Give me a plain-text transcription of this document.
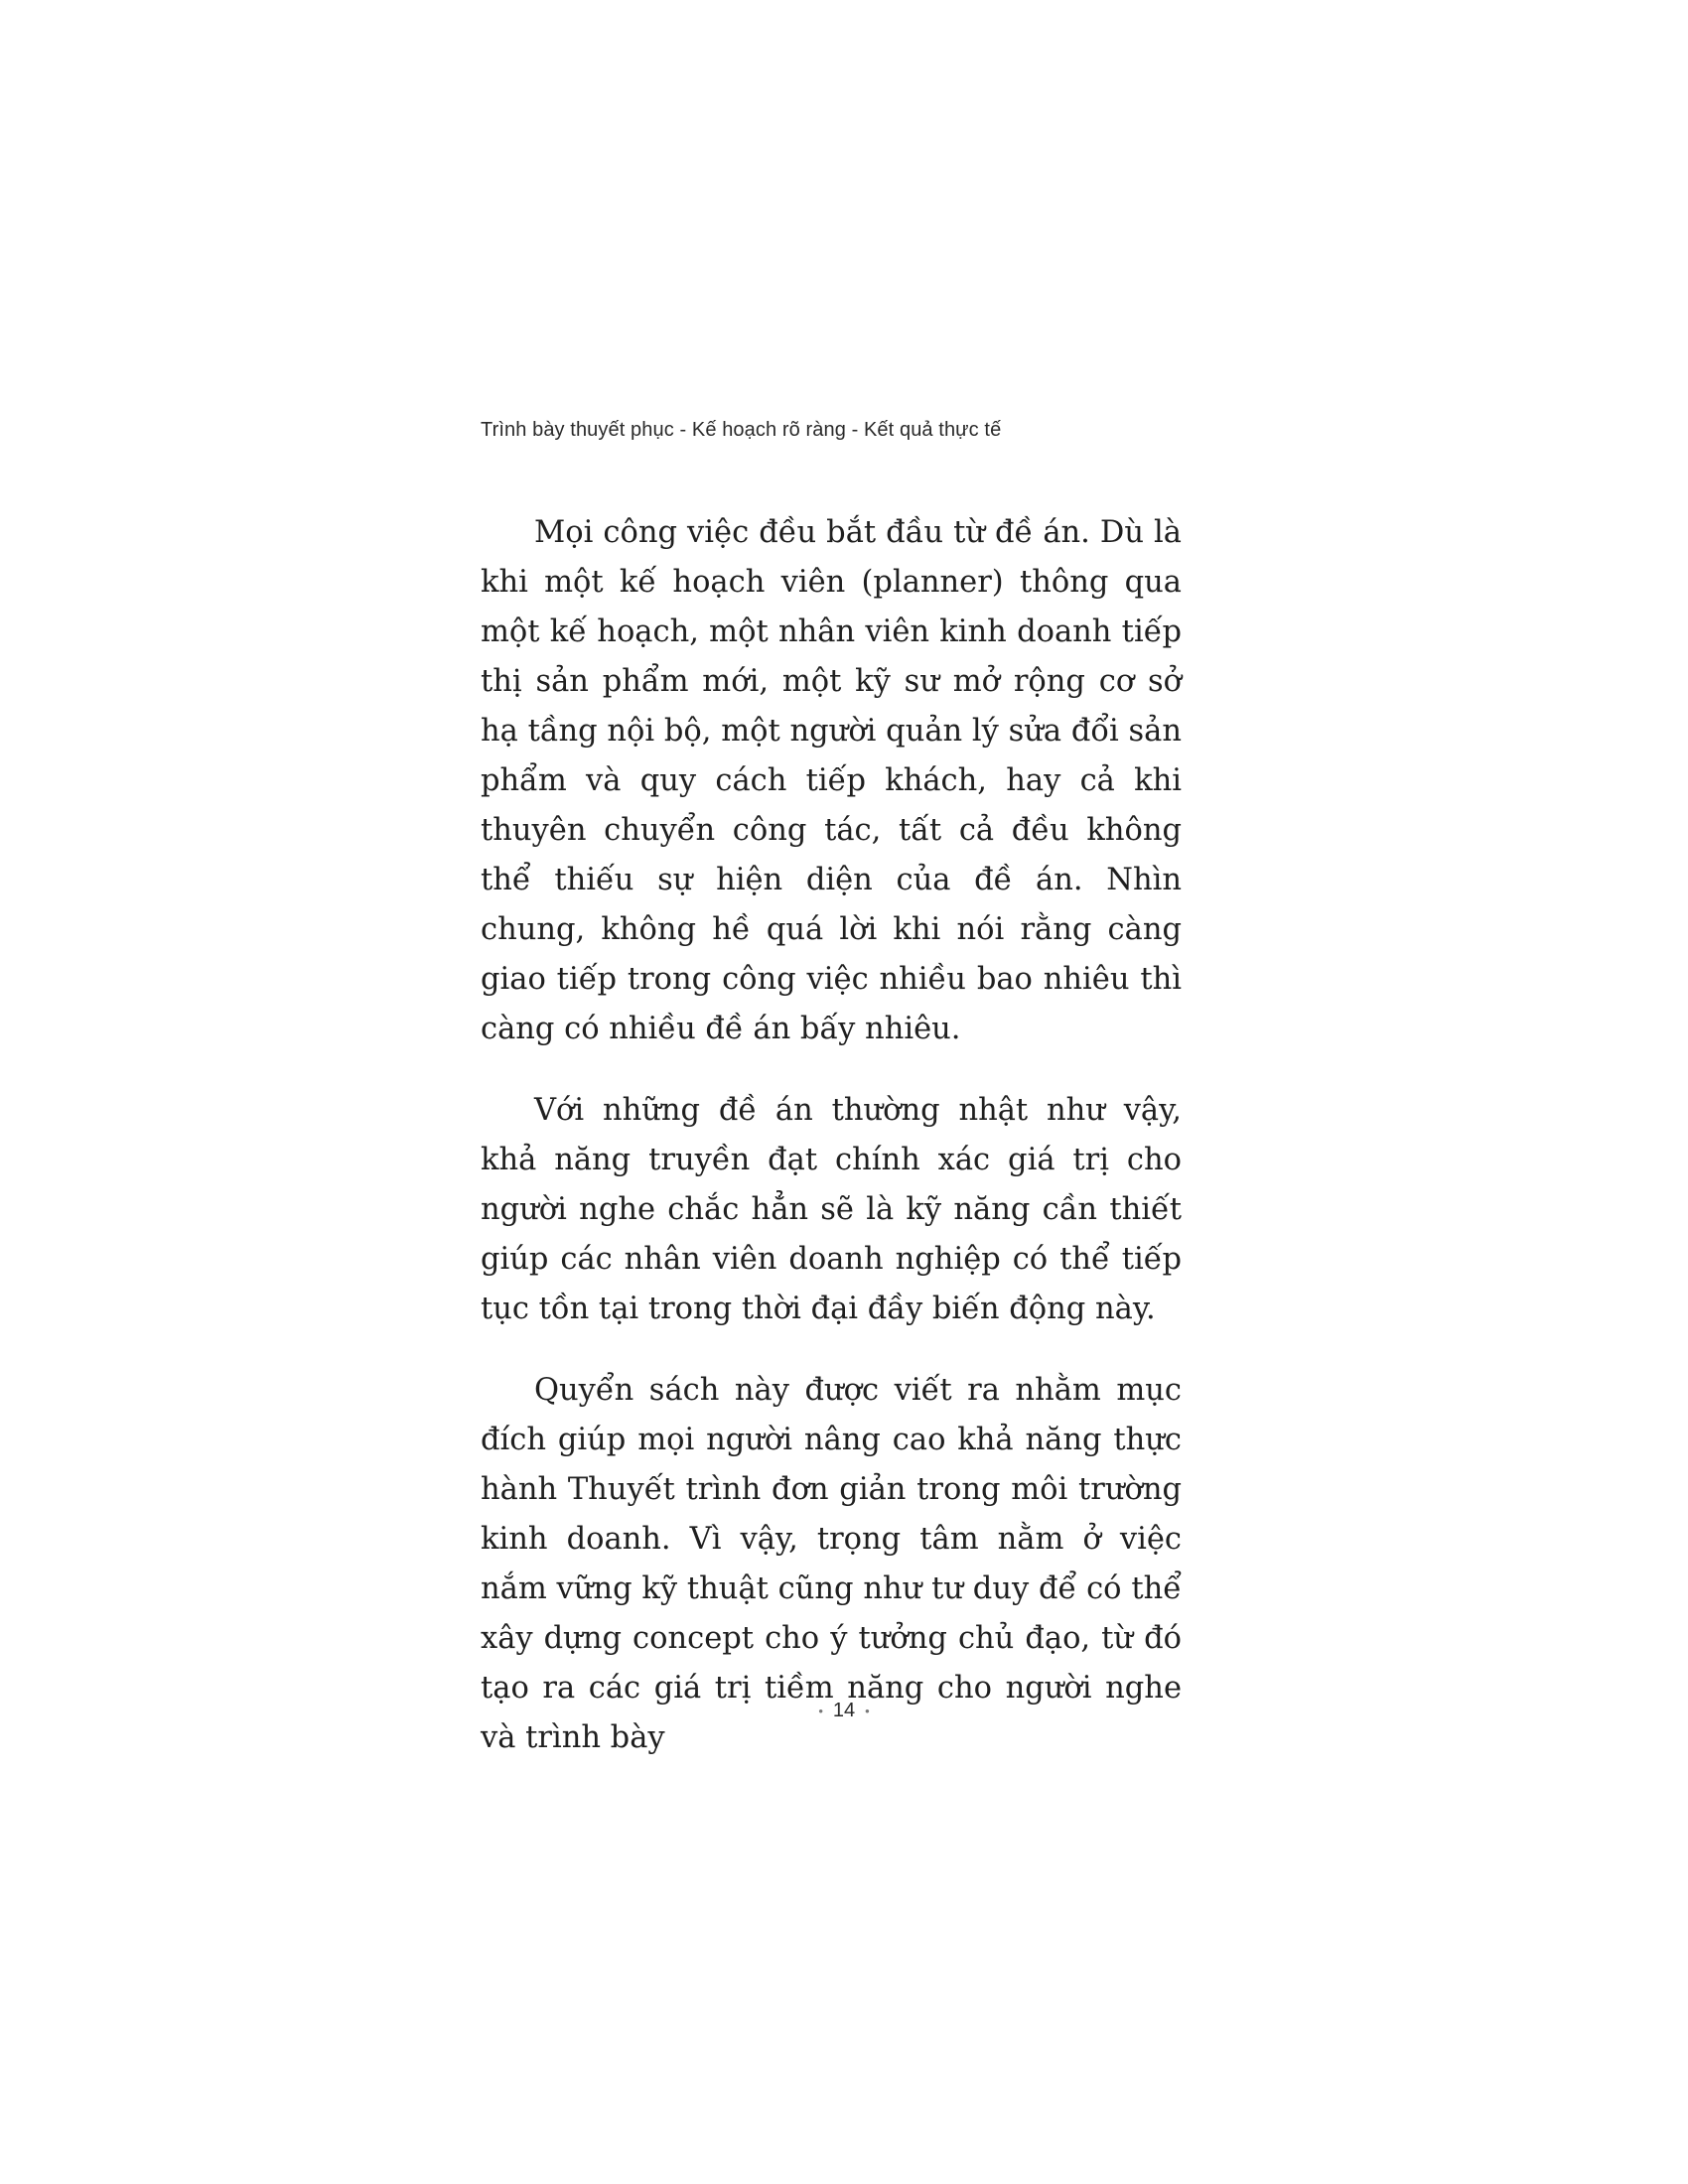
Trình bày thuyết phục - Kế hoạch rõ ràng - Kết quả thực tế

Mọi công việc đều bắt đầu từ đề án. Dù là khi một kế hoạch viên (planner) thông qua một kế hoạch, một nhân viên kinh doanh tiếp thị sản phẩm mới, một kỹ sư mở rộng cơ sở hạ tầng nội bộ, một người quản lý sửa đổi sản phẩm và quy cách tiếp khách, hay cả khi thuyên chuyển công tác, tất cả đều không thể thiếu sự hiện diện của đề án. Nhìn chung, không hề quá lời khi nói rằng càng giao tiếp trong công việc nhiều bao nhiêu thì càng có nhiều đề án bấy nhiêu.

Với những đề án thường nhật như vậy, khả năng truyền đạt chính xác giá trị cho người nghe chắc hẳn sẽ là kỹ năng cần thiết giúp các nhân viên doanh nghiệp có thể tiếp tục tồn tại trong thời đại đầy biến động này.

Quyển sách này được viết ra nhằm mục đích giúp mọi người nâng cao khả năng thực hành Thuyết trình đơn giản trong môi trường kinh doanh. Vì vậy, trọng tâm nằm ở việc nắm vững kỹ thuật cũng như tư duy để có thể xây dựng concept cho ý tưởng chủ đạo, từ đó tạo ra các giá trị tiềm năng cho người nghe và trình bày

• 14 •
